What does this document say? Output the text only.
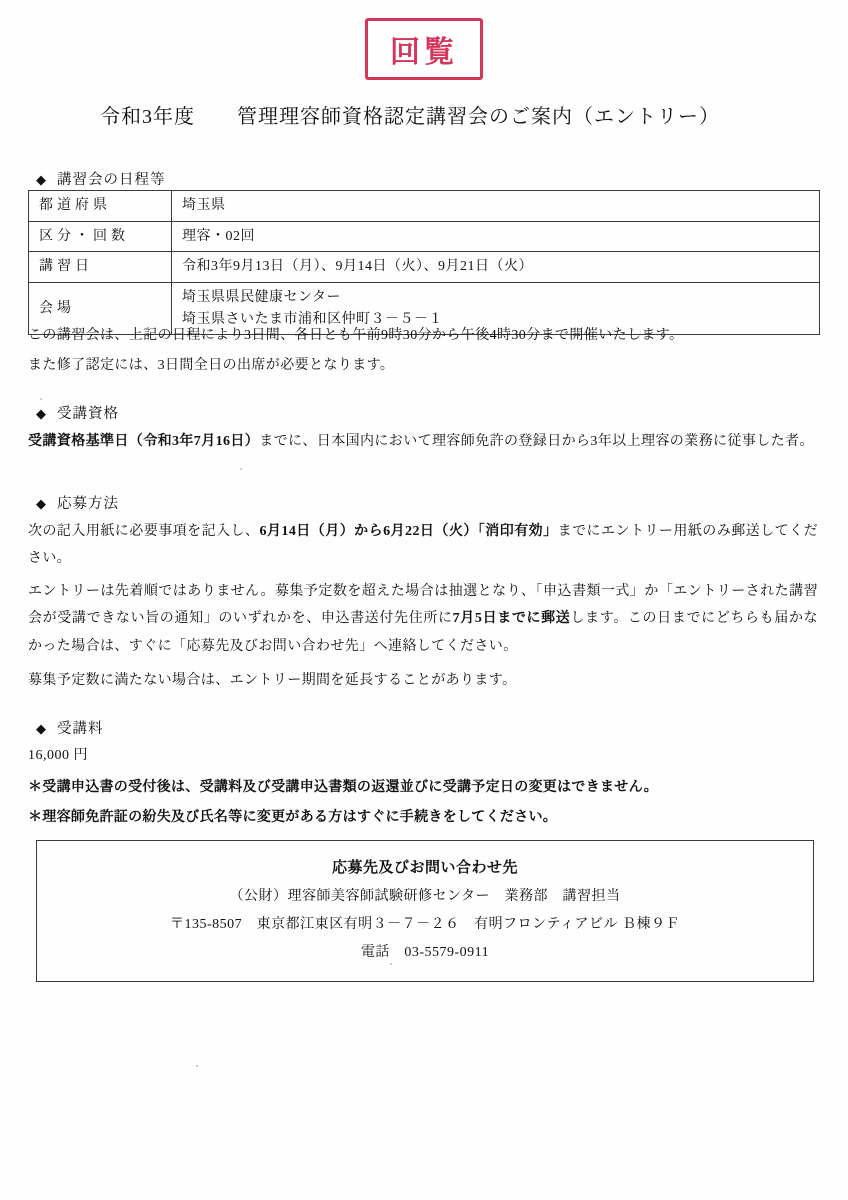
回覧
令和3年度　　管理理容師資格認定講習会のご案内（エントリー）
◆ 講習会の日程等
都道府県	埼玉県
区分・回数	理容・02回
講習日	令和3年9月13日（月）、9月14日（火）、9月21日（火）
会場	埼玉県県民健康センター
埼玉県さいたま市浦和区仲町３－５－１
この講習会は、上記の日程により3日間、各日とも午前9時30分から午後4時30分まで開催いたします。
また修了認定には、3日間全日の出席が必要となります。
◆ 受講資格
受講資格基準日（令和3年7月16日）までに、日本国内において理容師免許の登録日から3年以上理容の業務に従事した者。
◆ 応募方法
次の記入用紙に必要事項を記入し、6月14日（月）から6月22日（火）「消印有効」までにエントリー用紙のみ郵送してください。
エントリーは先着順ではありません。募集予定数を超えた場合は抽選となり、「申込書類一式」か「エントリーされた講習会が受講できない旨の通知」のいずれかを、申込書送付先住所に7月5日までに郵送します。この日までにどちらも届かなかった場合は、すぐに「応募先及びお問い合わせ先」へ連絡してください。
募集予定数に満たない場合は、エントリー期間を延長することがあります。
◆ 受講料
16,000 円
＊受講申込書の受付後は、受講料及び受講申込書類の返還並びに受講予定日の変更はできません。
＊理容師免許証の紛失及び氏名等に変更がある方はすぐに手続きをしてください。
応募先及びお問い合わせ先
（公財）理容師美容師試験研修センター　業務部　講習担当
〒135-8507　東京都江東区有明３－７－２６　有明フロンティアビル Ｂ棟９Ｆ
電話　03-5579-0911
